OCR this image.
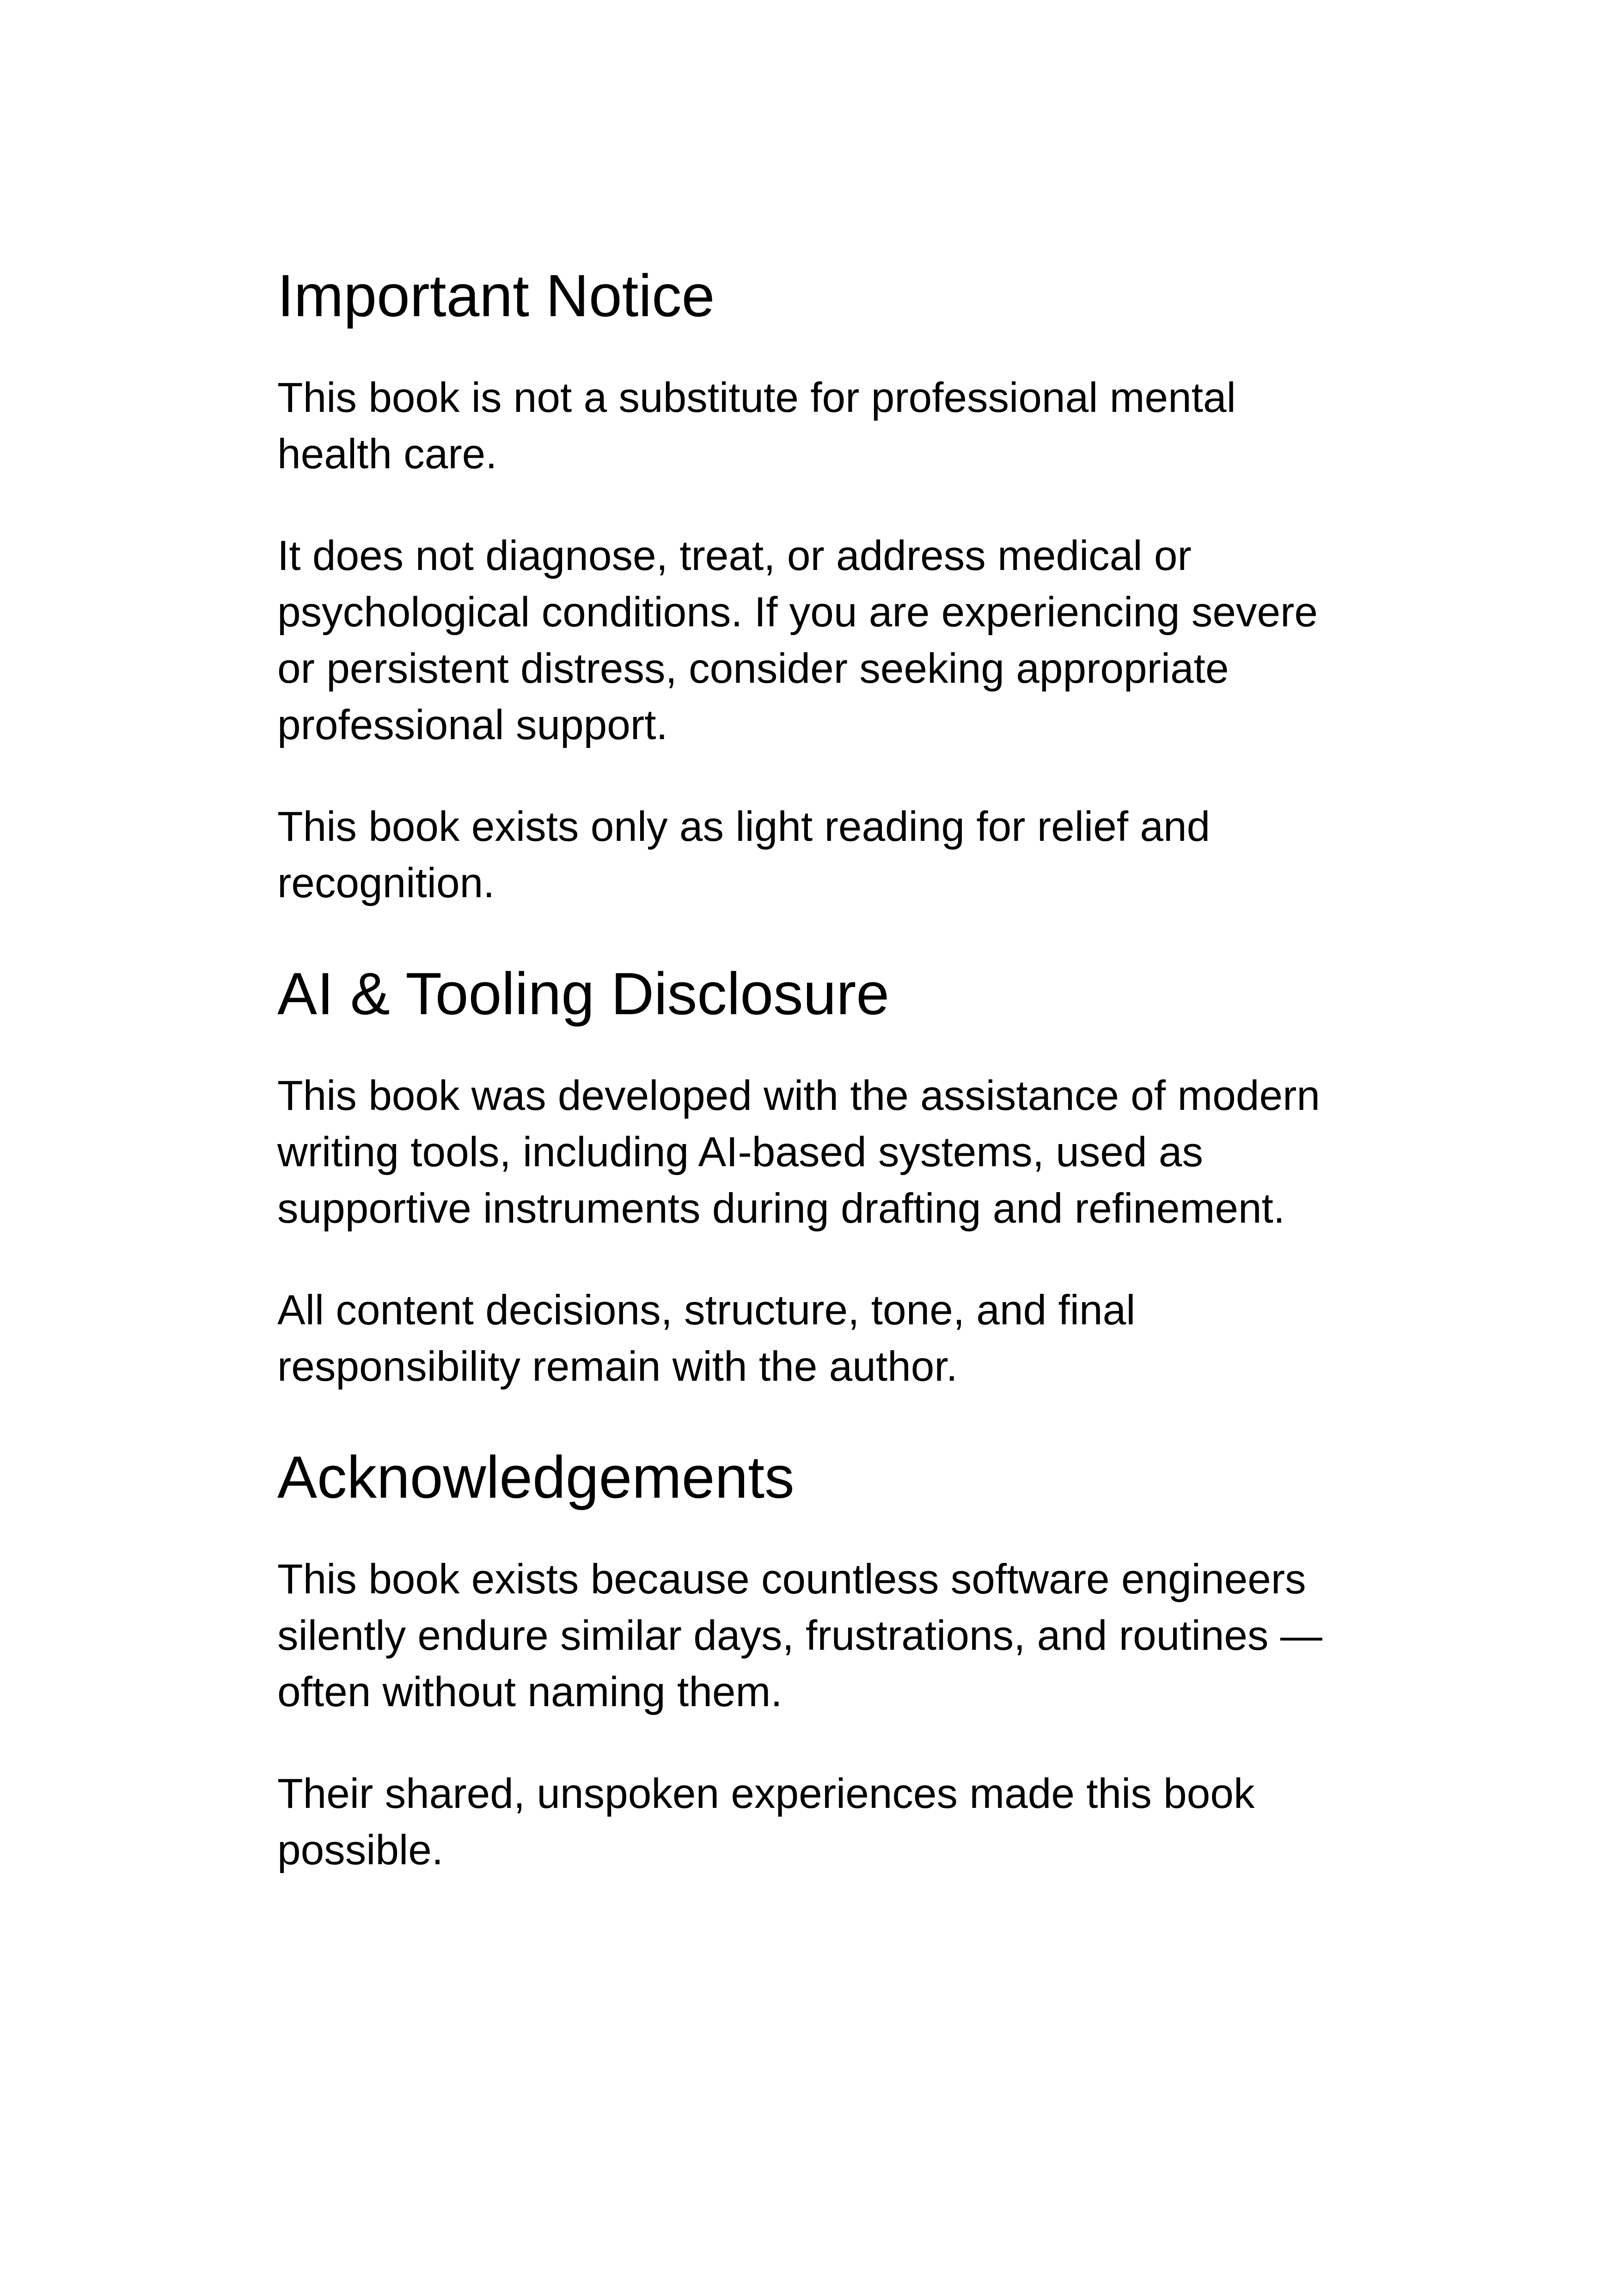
Important Notice

This book is not a substitute for professional mental health care.

It does not diagnose, treat, or address medical or psychological conditions. If you are experiencing severe or persistent distress, consider seeking appropriate professional support.

This book exists only as light reading for relief and recognition.

AI & Tooling Disclosure

This book was developed with the assistance of modern writing tools, including AI-based systems, used as supportive instruments during drafting and refinement.

All content decisions, structure, tone, and final responsibility remain with the author.

Acknowledgements

This book exists because countless software engineers silently endure similar days, frustrations, and routines — often without naming them.

Their shared, unspoken experiences made this book possible.
